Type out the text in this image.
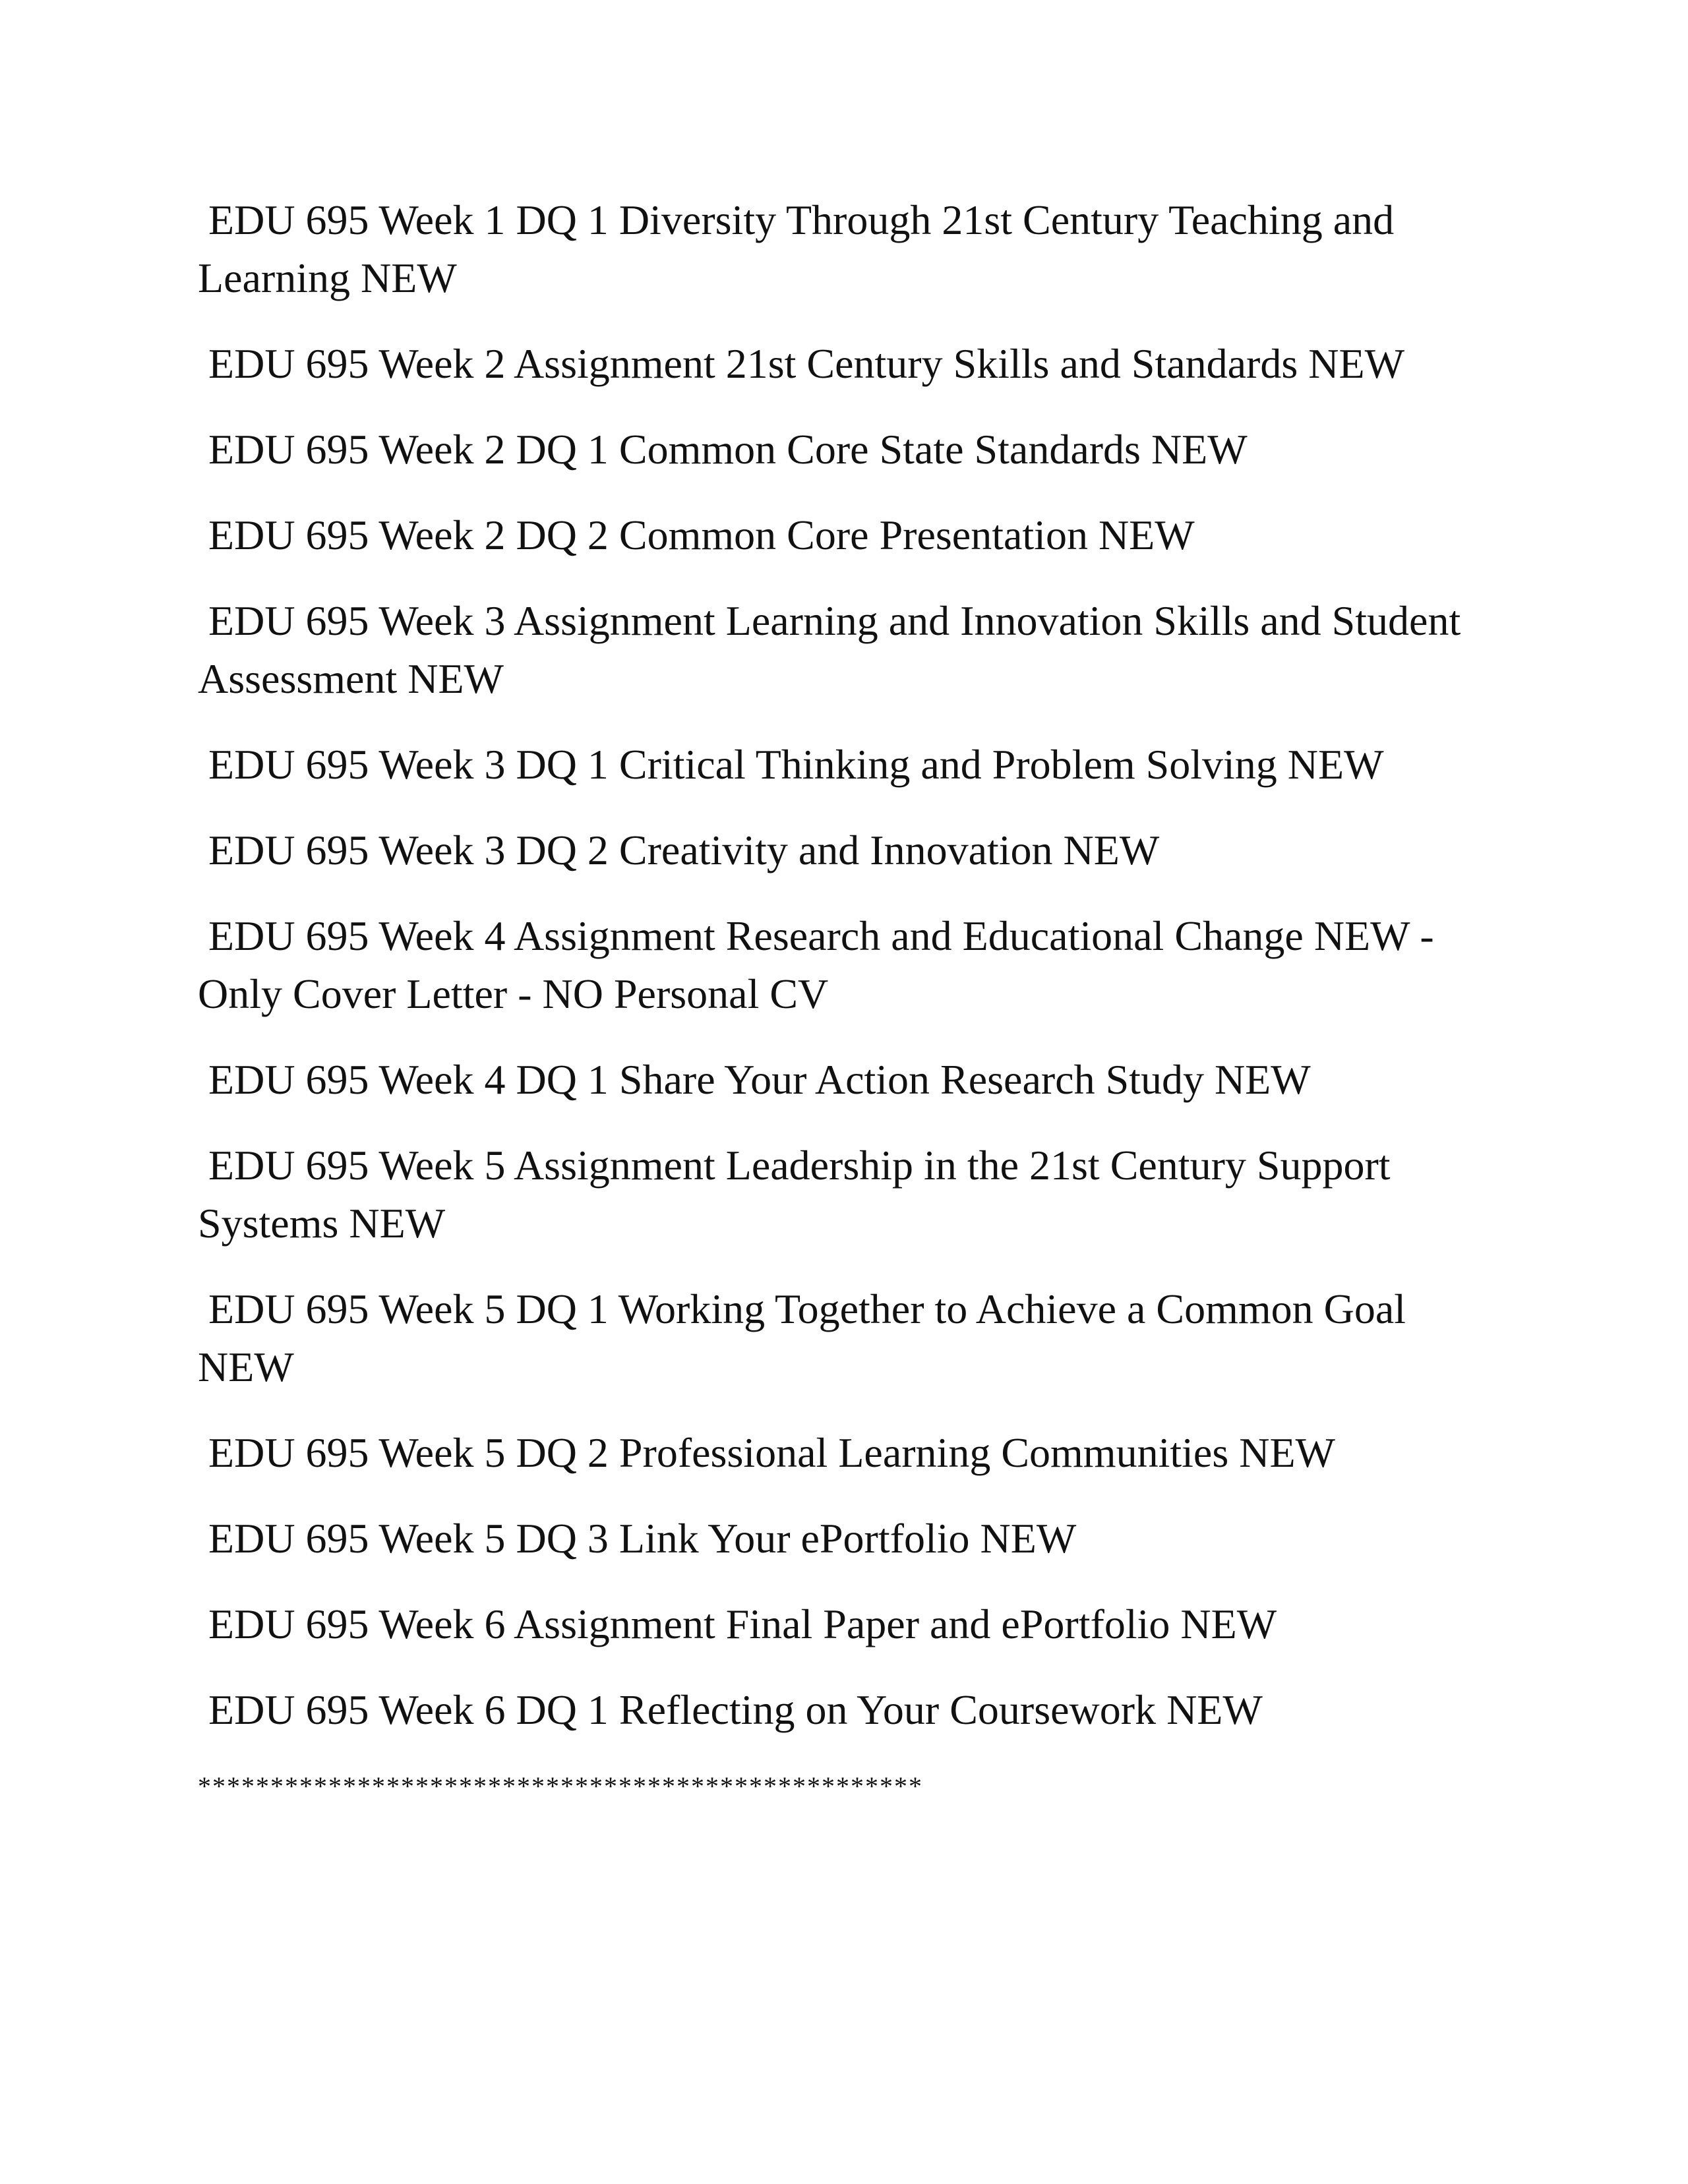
EDU 695 Week 1 DQ 1 Diversity Through 21st Century Teaching and Learning NEW

EDU 695 Week 2 Assignment 21st Century Skills and Standards NEW

EDU 695 Week 2 DQ 1 Common Core State Standards NEW

EDU 695 Week 2 DQ 2 Common Core Presentation NEW

EDU 695 Week 3 Assignment Learning and Innovation Skills and Student Assessment NEW

EDU 695 Week 3 DQ 1 Critical Thinking and Problem Solving NEW

EDU 695 Week 3 DQ 2 Creativity and Innovation NEW

EDU 695 Week 4 Assignment Research and Educational Change NEW - Only Cover Letter - NO Personal CV

EDU 695 Week 4 DQ 1 Share Your Action Research Study NEW

EDU 695 Week 5 Assignment Leadership in the 21st Century Support Systems NEW

EDU 695 Week 5 DQ 1 Working Together to Achieve a Common Goal NEW

EDU 695 Week 5 DQ 2 Professional Learning Communities NEW

EDU 695 Week 5 DQ 3 Link Your ePortfolio NEW

EDU 695 Week 6 Assignment Final Paper and ePortfolio NEW

EDU 695 Week 6 DQ 1 Reflecting on Your Coursework NEW

**************************************************
